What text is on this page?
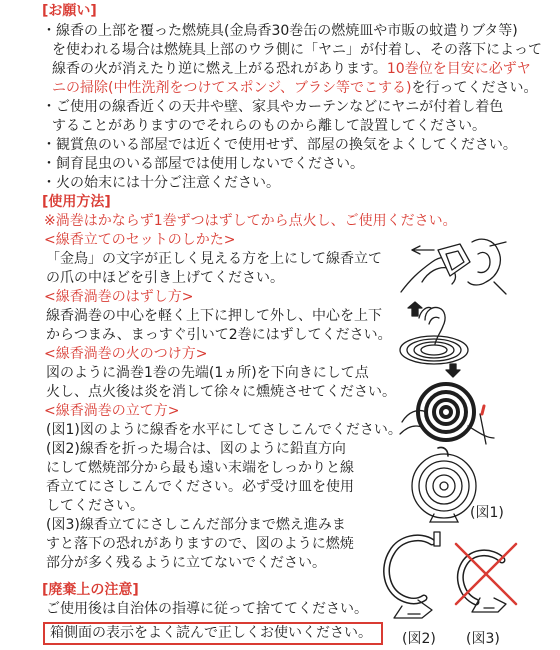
[お願い]
・線香の上部を覆った燃焼具(金鳥香30巻缶の燃焼皿や市販の蚊遣りブタ等)
を使われる場合は燃焼具上部のウラ側に「ヤニ」が付着し、その落下によって
線香の火が消えたり逆に燃え上がる恐れがあります。10巻位を目安に必ずヤ
ニの掃除(中性洗剤をつけてスポンジ、ブラシ等でこする)を行ってください。
・ご使用の線香近くの天井や壁、家具やカーテンなどにヤニが付着し着色
することがありますのでそれらのものから離して設置してください。
・観賞魚のいる部屋では近くで使用せず、部屋の換気をよくしてください。
・飼育昆虫のいる部屋では使用しないでください。
・火の始末には十分ご注意ください。
[使用方法]
※渦巻はかならず1巻ずつはずしてから点火し、ご使用ください。
<線香立てのセットのしかた>
「金鳥」の文字が正しく見える方を上にして線香立て
の爪の中ほどを引き上げてください。
<線香渦巻のはずし方>
線香渦巻の中心を軽く上下に押して外し、中心を上下
からつまみ、まっすぐ引いて2巻にはずしてください。
<線香渦巻の火のつけ方>
図のように渦巻1巻の先端(1ヵ所)を下向きにして点
火し、点火後は炎を消して徐々に燻焼させてください。
<線香渦巻の立て方>
(図1)図のように線香を水平にしてさしこんでください。
(図2)線香を折った場合は、図のように鉛直方向
にして燃焼部分から最も遠い末端をしっかりと線
香立てにさしこんでください。必ず受け皿を使用
してください。
(図3)線香立てにさしこんだ部分まで燃え進みま
すと落下の恐れがありますので、図のように燃焼
部分が多く残るように立てないでください。
[廃棄上の注意]
ご使用後は自治体の指導に従って捨ててください。
箱側面の表示をよく読んで正しくお使いください。
(図1)
(図2) (図3)
